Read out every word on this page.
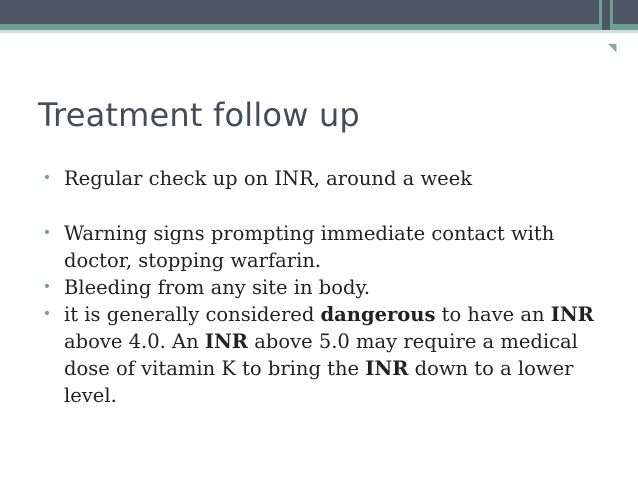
◥
Treatment follow up
• Regular check up on INR, around a week
• Warning signs prompting immediate contact with doctor, stopping warfarin.
• Bleeding from any site in body.
• it is generally considered dangerous to have an INR above 4.0. An INR above 5.0 may require a medical dose of vitamin K to bring the INR down to a lower level.
